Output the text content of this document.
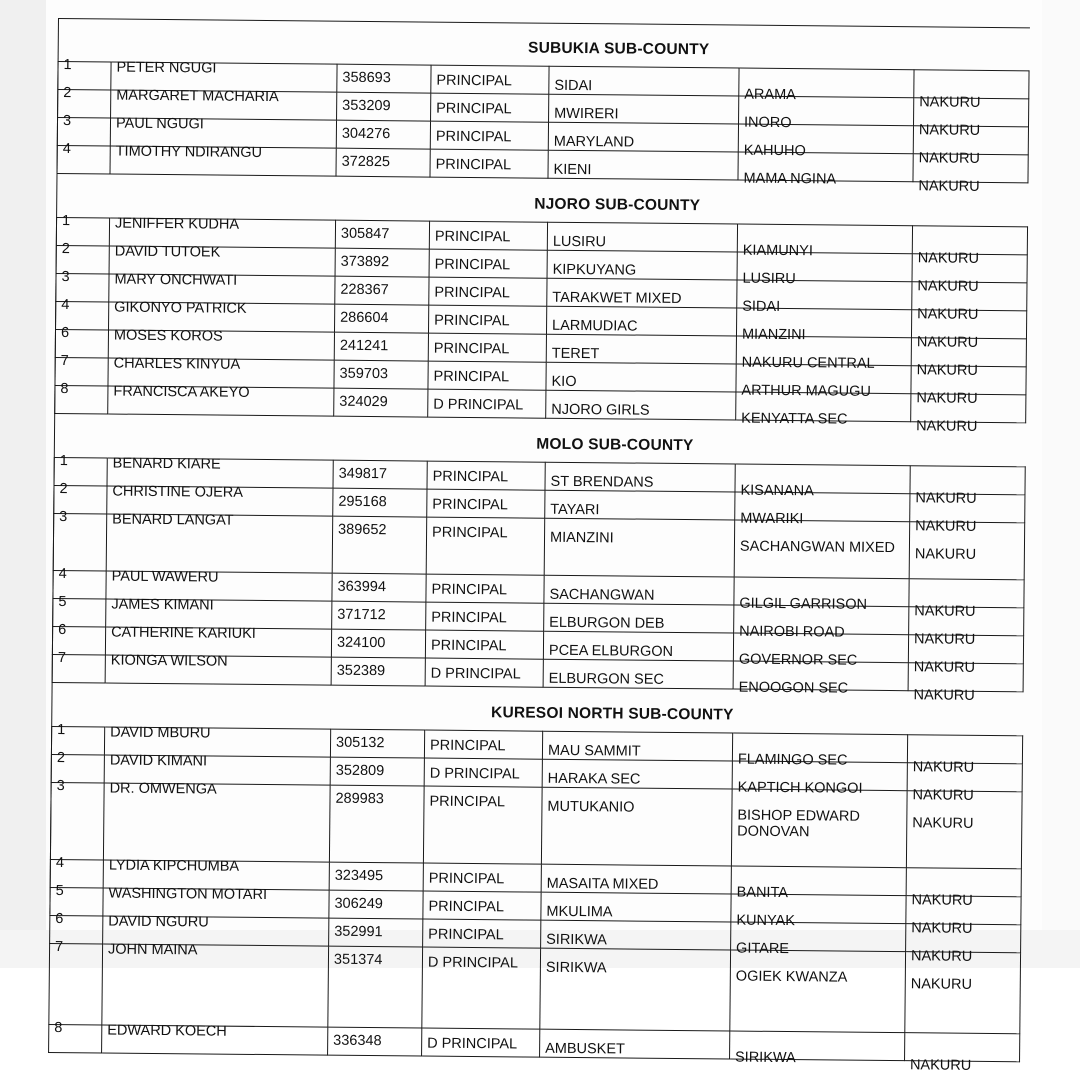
SUBUKIA SUB-COUNTY						

1	PETER NGUGI	358693	PRINCIPAL	SIDAI	ARAMA	NAKURU

2	MARGARET MACHARIA	353209	PRINCIPAL	MWIRERI	INORO	NAKURU

3	PAUL NGUGI	304276	PRINCIPAL	MARYLAND	KAHUHO	NAKURU

4	TIMOTHY NDIRANGU	372825	PRINCIPAL	KIENI	MAMA NGINA	NAKURU

NJORO SUB-COUNTY						

1	JENIFFER KUDHA	305847	PRINCIPAL	LUSIRU	KIAMUNYI	NAKURU

2	DAVID TUTOEK	373892	PRINCIPAL	KIPKUYANG	LUSIRU	NAKURU

3	MARY ONCHWATI	228367	PRINCIPAL	TARAKWET MIXED	SIDAI	NAKURU

4	GIKONYO PATRICK	286604	PRINCIPAL	LARMUDIAC	MIANZINI	NAKURU

6	MOSES KOROS	241241	PRINCIPAL	TERET	NAKURU CENTRAL	NAKURU

7	CHARLES KINYUA	359703	PRINCIPAL	KIO	ARTHUR MAGUGU	NAKURU

8	FRANCISCA AKEYO	324029	D PRINCIPAL	NJORO GIRLS	KENYATTA SEC	NAKURU

MOLO SUB-COUNTY						

1	BENARD KIARE	349817	PRINCIPAL	ST BRENDANS	KISANANA	NAKURU

2	CHRISTINE OJERA	295168	PRINCIPAL	TAYARI	MWARIKI	NAKURU

3	BENARD LANGAT	389652	PRINCIPAL	MIANZINI	SACHANGWAN MIXED	NAKURU

4	PAUL WAWERU	363994	PRINCIPAL	SACHANGWAN	GILGIL GARRISON	NAKURU

5	JAMES KIMANI	371712	PRINCIPAL	ELBURGON DEB	NAIROBI ROAD	NAKURU

6	CATHERINE KARIUKI	324100	PRINCIPAL	PCEA ELBURGON	GOVERNOR SEC	NAKURU

7	KIONGA WILSON	352389	D PRINCIPAL	ELBURGON SEC	ENOOGON SEC	NAKURU

KURESOI NORTH SUB-COUNTY						

1	DAVID MBURU	305132	PRINCIPAL	MAU SAMMIT	FLAMINGO SEC	NAKURU

2	DAVID KIMANI	352809	D PRINCIPAL	HARAKA SEC	KAPTICH KONGOI	NAKURU

3	DR. OMWENGA	289983	PRINCIPAL	MUTUKANIO	BISHOP EDWARD DONOVAN	NAKURU

4	LYDIA KIPCHUMBA	323495	PRINCIPAL	MASAITA MIXED	BANITA	NAKURU

5	WASHINGTON MOTARI	306249	PRINCIPAL	MKULIMA	KUNYAK	NAKURU

6	DAVID NGURU	352991	PRINCIPAL	SIRIKWA	GITARE	NAKURU

7	JOHN MAINA	351374	D PRINCIPAL	SIRIKWA	OGIEK KWANZA	NAKURU

8	EDWARD KOECH	336348	D PRINCIPAL	AMBUSKET	SIRIKWA	NAKURU
